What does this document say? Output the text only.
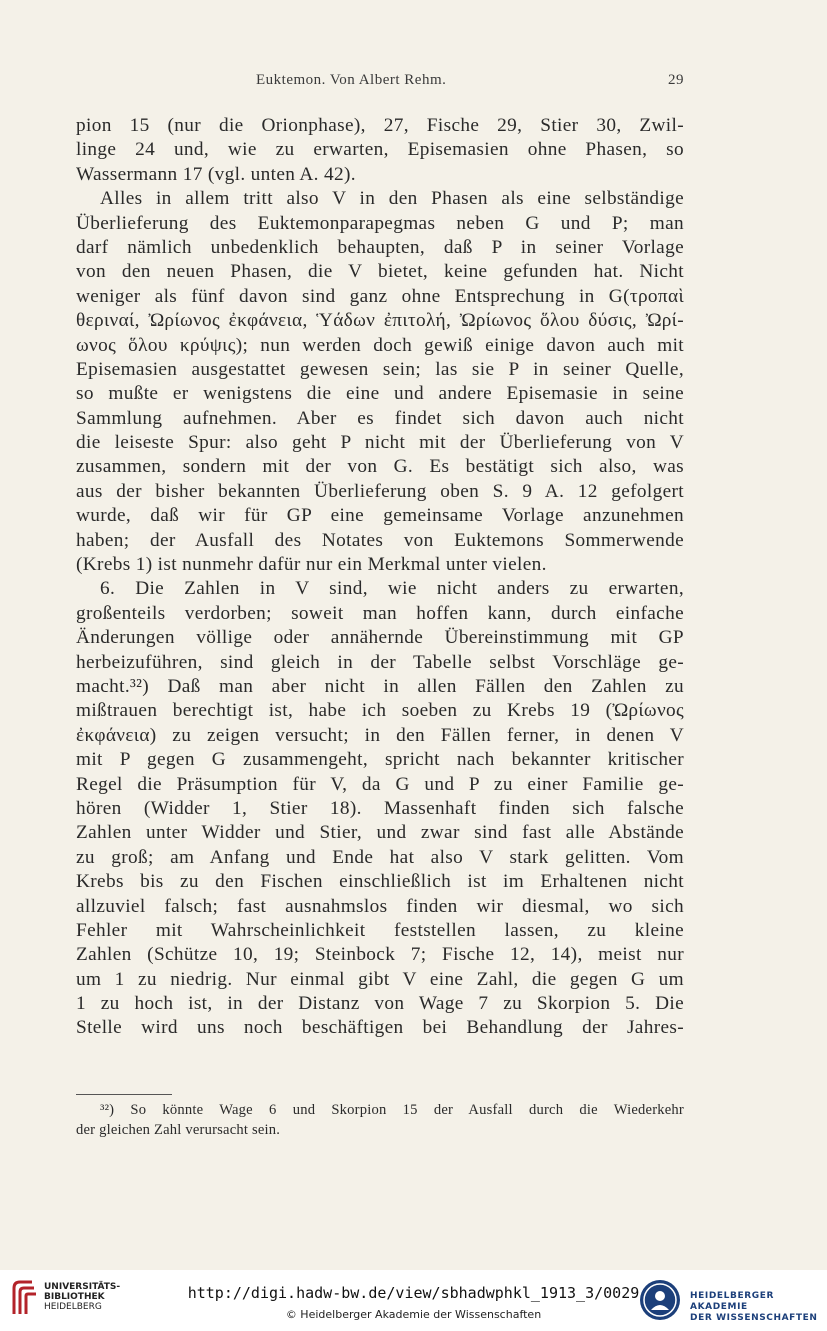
Euktemon. Von Albert Rehm.	29
pion 15 (nur die Orionphase), 27, Fische 29, Stier 30, Zwil-
linge 24 und, wie zu erwarten, Episemasien ohne Phasen, so
Wassermann 17 (vgl. unten A. 42).
Alles in allem tritt also V in den Phasen als eine selbständige
Überlieferung des Euktemonparapegmas neben G und P; man
darf nämlich unbedenklich behaupten, daß P in seiner Vorlage
von den neuen Phasen, die V bietet, keine gefunden hat. Nicht
weniger als fünf davon sind ganz ohne Entsprechung in G(τροπαὶ
θεριναί, Ὠρίωνος ἐκφάνεια, Ὑάδων ἐπιτολή, Ὠρίωνος ὅλου δύσις, Ὠρί-
ωνος ὅλου κρύψις); nun werden doch gewiß einige davon auch mit
Episemasien ausgestattet gewesen sein; las sie P in seiner Quelle,
so mußte er wenigstens die eine und andere Episemasie in seine
Sammlung aufnehmen. Aber es findet sich davon auch nicht
die leiseste Spur: also geht P nicht mit der Überlieferung von V
zusammen, sondern mit der von G. Es bestätigt sich also, was
aus der bisher bekannten Überlieferung oben S. 9 A. 12 gefolgert
wurde, daß wir für GP eine gemeinsame Vorlage anzunehmen
haben; der Ausfall des Notates von Euktemons Sommerwende
(Krebs 1) ist nunmehr dafür nur ein Merkmal unter vielen.
6. Die Zahlen in V sind, wie nicht anders zu erwarten,
großenteils verdorben; soweit man hoffen kann, durch einfache
Änderungen völlige oder annähernde Übereinstimmung mit GP
herbeizuführen, sind gleich in der Tabelle selbst Vorschläge ge-
macht.³²) Daß man aber nicht in allen Fällen den Zahlen zu
mißtrauen berechtigt ist, habe ich soeben zu Krebs 19 (Ὠρίωνος
ἐκφάνεια) zu zeigen versucht; in den Fällen ferner, in denen V
mit P gegen G zusammengeht, spricht nach bekannter kritischer
Regel die Präsumption für V, da G und P zu einer Familie ge-
hören (Widder 1, Stier 18). Massenhaft finden sich falsche
Zahlen unter Widder und Stier, und zwar sind fast alle Abstände
zu groß; am Anfang und Ende hat also V stark gelitten. Vom
Krebs bis zu den Fischen einschließlich ist im Erhaltenen nicht
allzuviel falsch; fast ausnahmslos finden wir diesmal, wo sich
Fehler mit Wahrscheinlichkeit feststellen lassen, zu kleine
Zahlen (Schütze 10, 19; Steinbock 7; Fische 12, 14), meist nur
um 1 zu niedrig. Nur einmal gibt V eine Zahl, die gegen G um
1 zu hoch ist, in der Distanz von Wage 7 zu Skorpion 5. Die
Stelle wird uns noch beschäftigen bei Behandlung der Jahres-
³²) So könnte Wage 6 und Skorpion 15 der Ausfall durch die Wiederkehr
der gleichen Zahl verursacht sein.
UNIVERSITÄTS-
BIBLIOTHEK
HEIDELBERG
http://digi.hadw-bw.de/view/sbhadwphkl_1913_3/0029
© Heidelberger Akademie der Wissenschaften
HEIDELBERGER AKADEMIE
DER WISSENSCHAFTEN
